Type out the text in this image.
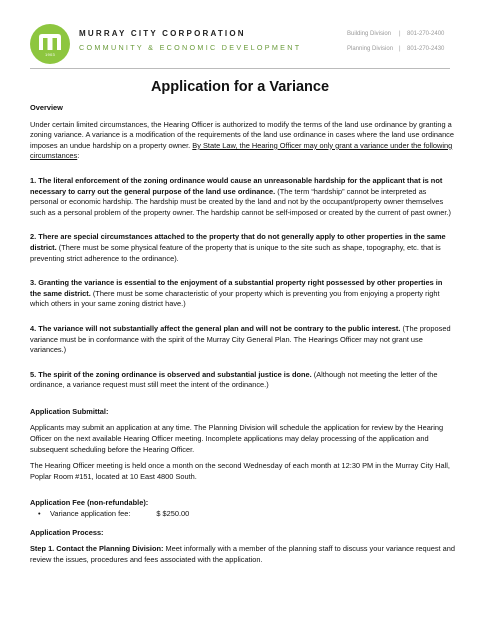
1903
MURRAY CITY CORPORATION
COMMUNITY & ECONOMIC DEVELOPMENT
Building Division | 801-270-2400
Planning Division | 801-270-2430
Application for a Variance

Overview

Under certain limited circumstances, the Hearing Officer is authorized to modify the terms of the land use ordinance by granting a zoning variance. A variance is a modification of the requirements of the land use ordinance in cases where the land use ordinance imposes an undue hardship on a property owner. By State Law, the Hearing Officer may only grant a variance under the following circumstances:

1. The literal enforcement of the zoning ordinance would cause an unreasonable hardship for the applicant that is not necessary to carry out the general purpose of the land use ordinance. (The term “hardship” cannot be interpreted as personal or economic hardship. The hardship must be created by the land and not by the occupant/property owner themselves such as a personal problem of the property owner. The hardship cannot be self-imposed or created by the current of past owner.)

2. There are special circumstances attached to the property that do not generally apply to other properties in the same district. (There must be some physical feature of the property that is unique to the site such as shape, topography, etc. that is preventing strict adherence to the ordinance).

3. Granting the variance is essential to the enjoyment of a substantial property right possessed by other properties in the same district. (There must be some characteristic of your property which is preventing you from enjoying a property right which others in your same zoning district have.)

4. The variance will not substantially affect the general plan and will not be contrary to the public interest. (The proposed variance must be in conformance with the spirit of the Murray City General Plan. The Hearings Officer may not grant use variances.)

5. The spirit of the zoning ordinance is observed and substantial justice is done. (Although not meeting the letter of the ordinance, a variance request must still meet the intent of the ordinance.)

Application Submittal:

Applicants may submit an application at any time. The Planning Division will schedule the application for review by the Hearing Officer on the next available Hearing Officer meeting. Incomplete applications may delay processing of the application and subsequent scheduling before the Hearing Officer.

The Hearing Officer meeting is held once a month on the second Wednesday of each month at 12:30 PM in the Murray City Hall, Poplar Room #151, located at 10 East 4800 South.

Application Fee (non-refundable):

• Variance application fee:	$ $250.00

Application Process:

Step 1. Contact the Planning Division: Meet informally with a member of the planning staff to discuss your variance request and review the issues, procedures and fees associated with the application.
